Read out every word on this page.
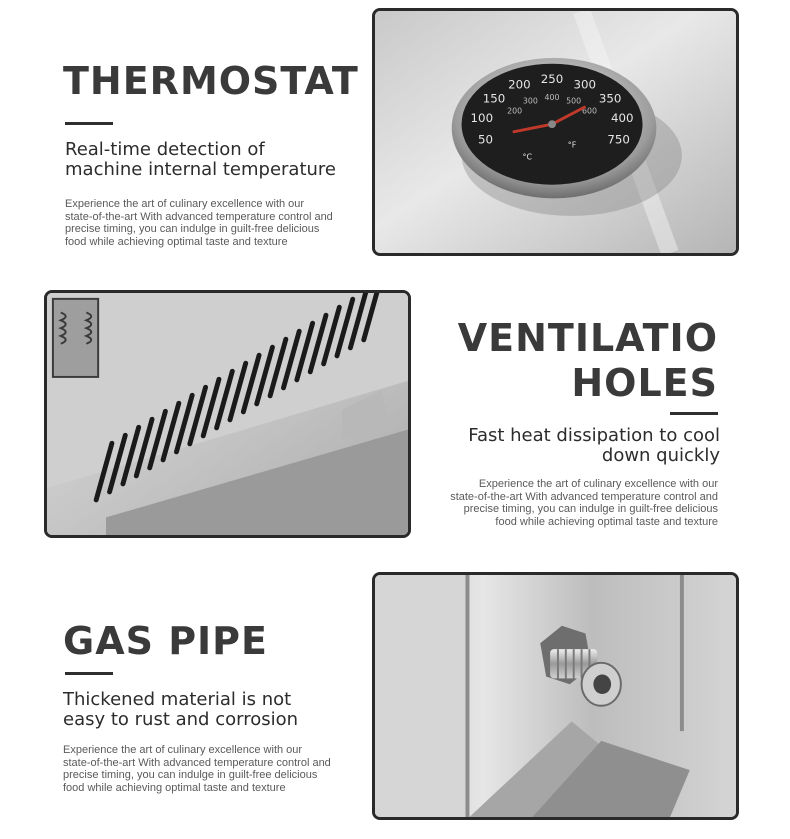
THERMOSTAT
Real-time detection of
machine internal temperature
Experience the art of culinary excellence with our
state-of-the-art With advanced temperature control and
precise timing, you can indulge in guilt-free delicious
food while achieving optimal taste and texture
50
100
150
200 250 300
350
400
750
200
300 400 500
600
°C
°F
VENTILATIO
HOLES
Fast heat dissipation to cool
down quickly
Experience the art of culinary excellence with our
state-of-the-art With advanced temperature control and
precise timing, you can indulge in guilt-free delicious
food while achieving optimal taste and texture
GAS PIPE
Thickened material is not
easy to rust and corrosion
Experience the art of culinary excellence with our
state-of-the-art With advanced temperature control and
precise timing, you can indulge in guilt-free delicious
food while achieving optimal taste and texture
